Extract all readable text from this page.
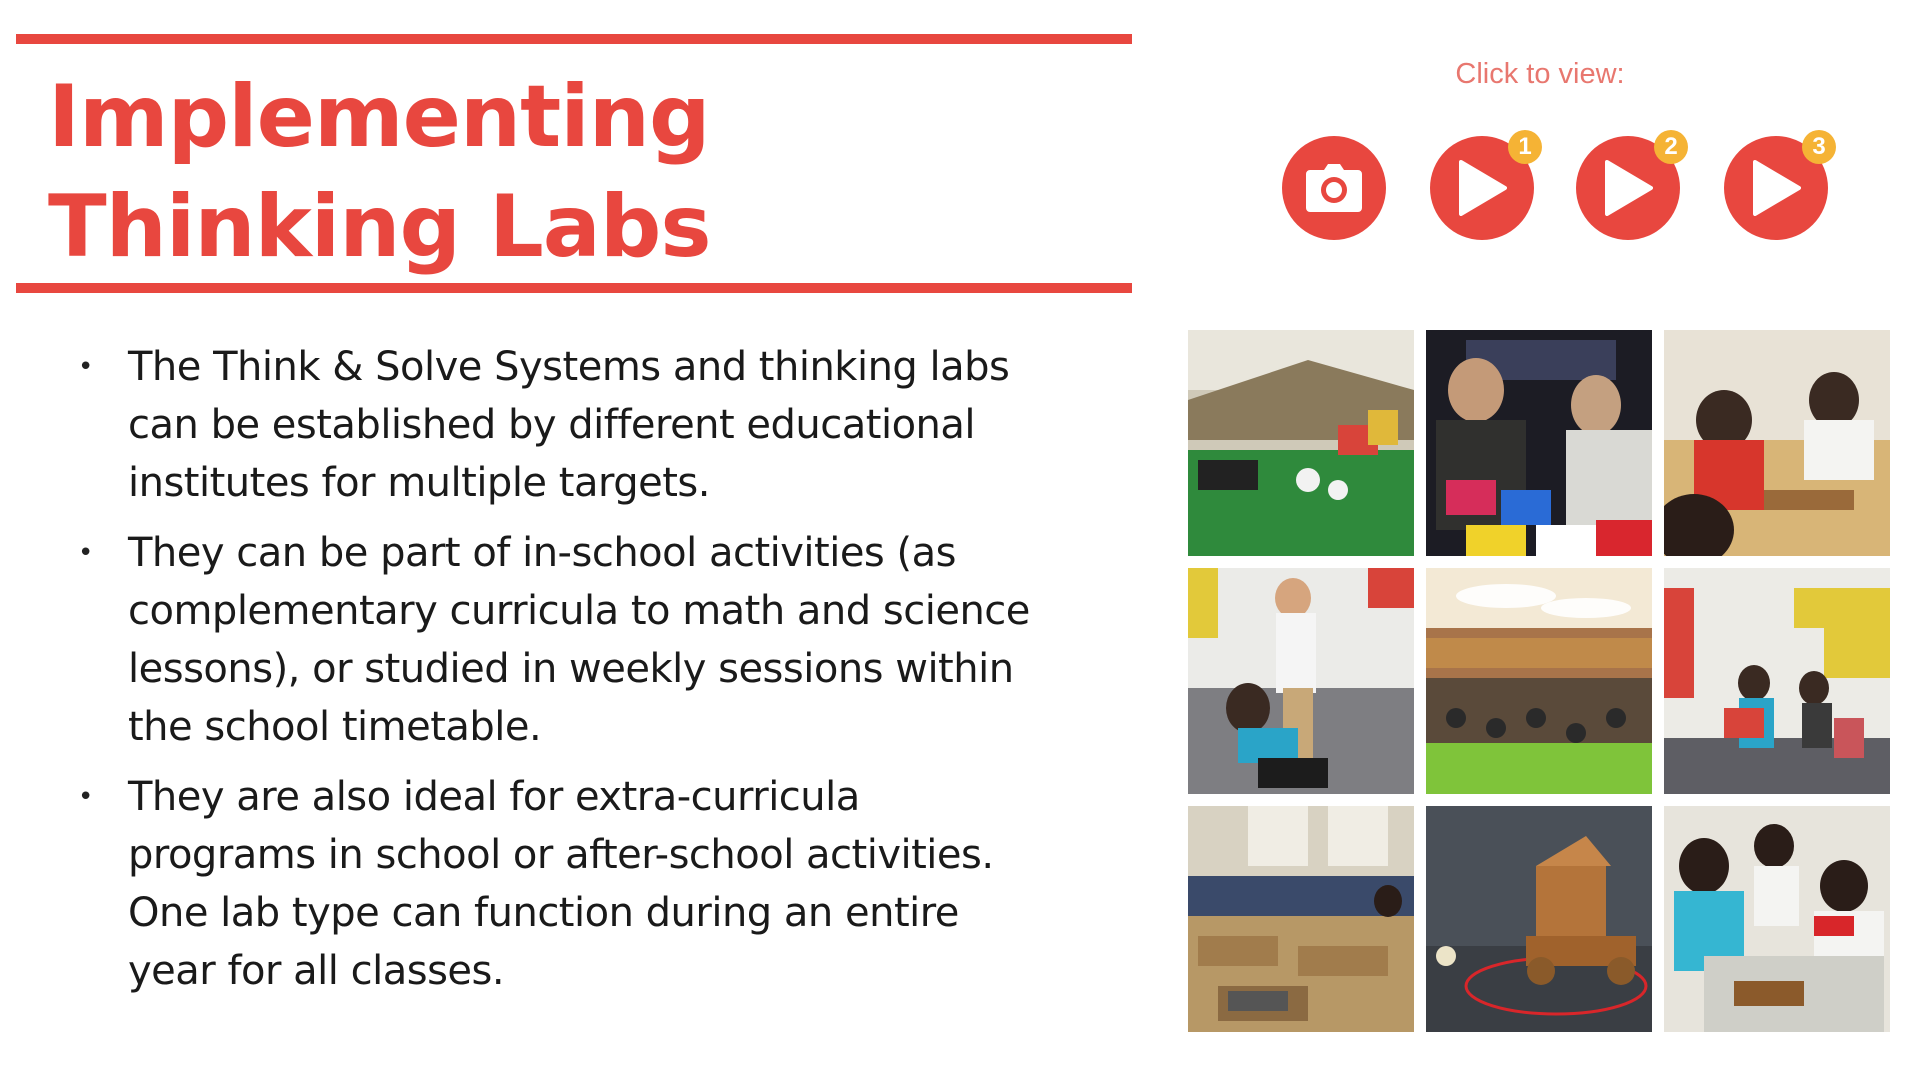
Implementing
Thinking Labs
• The Think & Solve Systems and thinking labs can be established by different educational institutes for multiple targets.
• They can be part of in-school activities (as complementary curricula to math and science lessons), or studied in weekly sessions within the school timetable.
• They are also ideal for extra-curricula programs in school or after-school activities. One lab type can function during an entire year for all classes.
Click to view:
1	2	3
